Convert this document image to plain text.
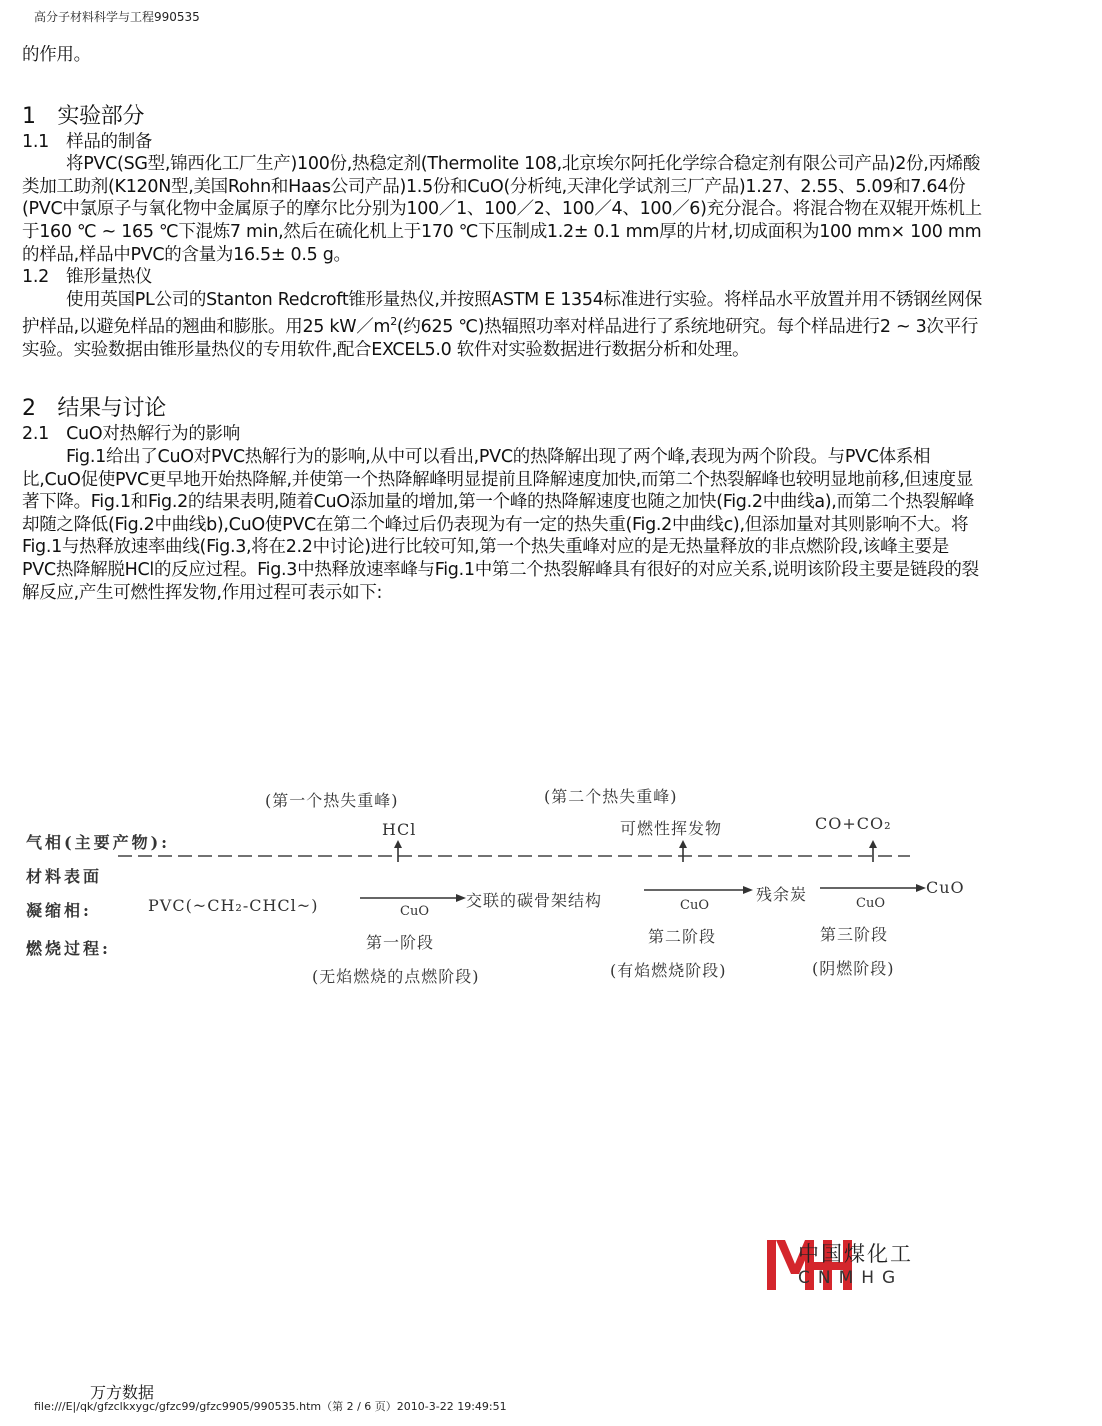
高分子材料科学与工程990535

的作用。

1　实验部分

1.1　样品的制备

将PVC(SG型,锦西化工厂生产)100份,热稳定剂(Thermolite 108,北京埃尔阿托化学综合稳定剂有限公司产品)2份,丙烯酸类加工助剂(K120N型,美国Rohn和Haas公司产品)1.5份和CuO(分析纯,天津化学试剂三厂产品)1.27、2.55、5.09和7.64份(PVC中氯原子与氧化物中金属原子的摩尔比分别为100／1、100／2、100／4、100／6)充分混合。将混合物在双辊开炼机上于160 ℃ ~ 165 ℃下混炼7 min,然后在硫化机上于170 ℃下压制成1.2± 0.1 mm厚的片材,切成面积为100 mm× 100 mm的样品,样品中PVC的含量为16.5± 0.5 g。

1.2　锥形量热仪

使用英国PL公司的Stanton Redcroft锥形量热仪,并按照ASTM E 1354标准进行实验。将样品水平放置并用不锈钢丝网保护样品,以避免样品的翘曲和膨胀。用25 $kW/m^2$(约625 ℃)热辐照功率对样品进行了系统地研究。每个样品进行2 ~ 3次平行实验。实验数据由锥形量热仪的专用软件,配合EXCEL5.0 软件对实验数据进行数据分析和处理。

2　结果与讨论

2.1　CuO对热解行为的影响

Fig.1给出了CuO对PVC热解行为的影响,从中可以看出,PVC的热降解出现了两个峰,表现为两个阶段。与PVC体系相比,CuO促使PVC更早地开始热降解,并使第一个热降解峰明显提前且降解速度加快,而第二个热裂解峰也较明显地前移,但速度显著下降。Fig.1和Fig.2的结果表明,随着CuO添加量的增加,第一个峰的热降解速度也随之加快(Fig.2中曲线a),而第二个热裂解峰却随之降低(Fig.2中曲线b),CuO使PVC在第二个峰过后仍表现为有一定的热失重(Fig.2中曲线c),但添加量对其则影响不大。将Fig.1与热释放速率曲线(Fig.3,将在2.2中讨论)进行比较可知,第一个热失重峰对应的是无热量释放的非点燃阶段,该峰主要是PVC热降解脱HCl的反应过程。Fig.3中热释放速率峰与Fig.1中第二个热裂解峰具有很好的对应关系,说明该阶段主要是链段的裂解反应,产生可燃性挥发物,作用过程可表示如下:

(第一个热失重峰)	(第二个热失重峰)
气相(主要产物):
HCl	可燃性挥发物	CO+CO₂
材料表面
凝缩相:	PVC(~CH₂-CHCl~)	交联的碳骨架结构	残余炭	CuO
CuO	CuO	CuO
燃烧过程:	第一阶段	第二阶段	第三阶段
(无焰燃烧的点燃阶段)	(有焰燃烧阶段)	(阴燃阶段)
中国煤化工
CNMHG
万方数据
file:///E|/qk/gfzclkxygc/gfzc99/gfzc9905/990535.htm（第 2 / 6 页）2010-3-22 19:49:51
